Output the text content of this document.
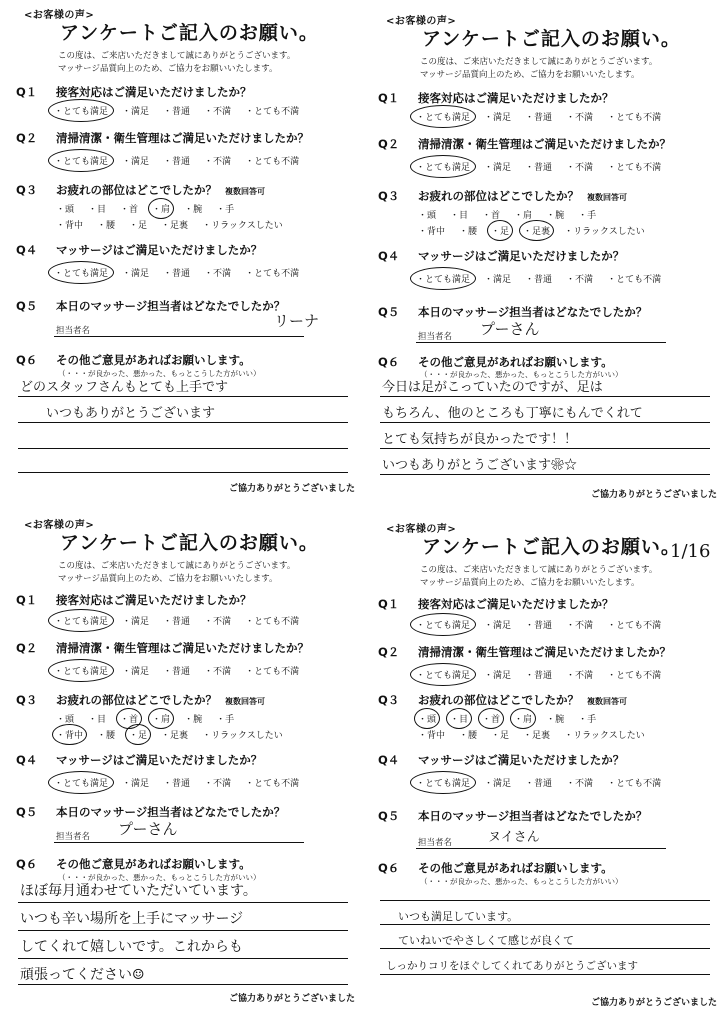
<お客様の声>
アンケートご記入のお願い。
この度は、ご来店いただきまして誠にありがとうございます。
マッサージ品質向上のため、ご協力をお願いいたします。
Q１ 接客対応はご満足いただけましたか？
・とても満足 ・満足 ・普通 ・不満 ・とても不満
Q２ 清掃清潔・衛生管理はご満足いただけましたか？
・とても満足 ・満足 ・普通 ・不満 ・とても不満
Q３ お疲れの部位はどこでしたか？ 複数回答可
・頭 ・目 ・首 ・肩 ・腕 ・手
・背中 ・腰 ・足 ・足裏 ・リラックスしたい
Q４ マッサージはご満足いただけましたか？
・とても満足 ・満足 ・普通 ・不満 ・とても不満
Q５ 本日のマッサージ担当者はどなたでしたか？
担当者名
リーナ
Q６ その他ご意見があればお願いします。
（・・・が良かった、悪かった、もっとこうした方がいい）
どのスタッフさんもとても上手です
いつもありがとうございます
ご協力ありがとうございました
<お客様の声>
アンケートご記入のお願い。
この度は、ご来店いただきまして誠にありがとうございます。
マッサージ品質向上のため、ご協力をお願いいたします。
Q１ 接客対応はご満足いただけましたか？
・とても満足 ・満足 ・普通 ・不満 ・とても不満
Q２ 清掃清潔・衛生管理はご満足いただけましたか？
・とても満足 ・満足 ・普通 ・不満 ・とても不満
Q３ お疲れの部位はどこでしたか？ 複数回答可
・頭 ・目 ・首 ・肩 ・腕 ・手
・背中 ・腰 ・足 ・足裏 ・リラックスしたい
Q４ マッサージはご満足いただけましたか？
・とても満足 ・満足 ・普通 ・不満 ・とても不満
Q５ 本日のマッサージ担当者はどなたでしたか？
担当者名 プーさん
Q６ その他ご意見があればお願いします。
（・・・が良かった、悪かった、もっとこうした方がいい）
今日は足がこっていたのですが、足は
もちろん、他のところも丁寧にもんでくれて
とても気持ちが良かったです！！
いつもありがとうございます❀☆
ご協力ありがとうございました
<お客様の声>
アンケートご記入のお願い。
この度は、ご来店いただきまして誠にありがとうございます。
マッサージ品質向上のため、ご協力をお願いいたします。
Q１ 接客対応はご満足いただけましたか？
・とても満足 ・満足 ・普通 ・不満 ・とても不満
Q２ 清掃清潔・衛生管理はご満足いただけましたか？
・とても満足 ・満足 ・普通 ・不満 ・とても不満
Q３ お疲れの部位はどこでしたか？ 複数回答可
・頭 ・目 ・首 ・肩 ・腕 ・手
・背中 ・腰 ・足 ・足裏 ・リラックスしたい
Q４ マッサージはご満足いただけましたか？
・とても満足 ・満足 ・普通 ・不満 ・とても不満
Q５ 本日のマッサージ担当者はどなたでしたか？
担当者名 プーさん
Q６ その他ご意見があればお願いします。
（・・・が良かった、悪かった、もっとこうした方がいい）
ほぼ毎月通わせていただいています。
いつも辛い場所を上手にマッサージ
してくれて嬉しいです。これからも
頑張ってください☺
ご協力ありがとうございました
<お客様の声>
アンケートご記入のお願い。
この度は、ご来店いただきまして誠にありがとうございます。
マッサージ品質向上のため、ご協力をお願いいたします。
Q１ 接客対応はご満足いただけましたか？
・とても満足 ・満足 ・普通 ・不満 ・とても不満
Q２ 清掃清潔・衛生管理はご満足いただけましたか？
・とても満足 ・満足 ・普通 ・不満 ・とても不満
Q３ お疲れの部位はどこでしたか？ 複数回答可
・頭 ・目 ・首 ・肩 ・腕 ・手
・背中 ・腰 ・足 ・足裏 ・リラックスしたい
Q４ マッサージはご満足いただけましたか？
・とても満足 ・満足 ・普通 ・不満 ・とても不満
Q５ 本日のマッサージ担当者はどなたでしたか？
担当者名	ヌイさん
Q６ その他ご意見があればお願いします。
（・・・が良かった、悪かった、もっとこうした方がいい）
いつも満足しています。
ていねいでやさしくて感じが良くて
しっかりコリをほぐしてくれてありがとうございます
ご協力ありがとうございました
1/16
